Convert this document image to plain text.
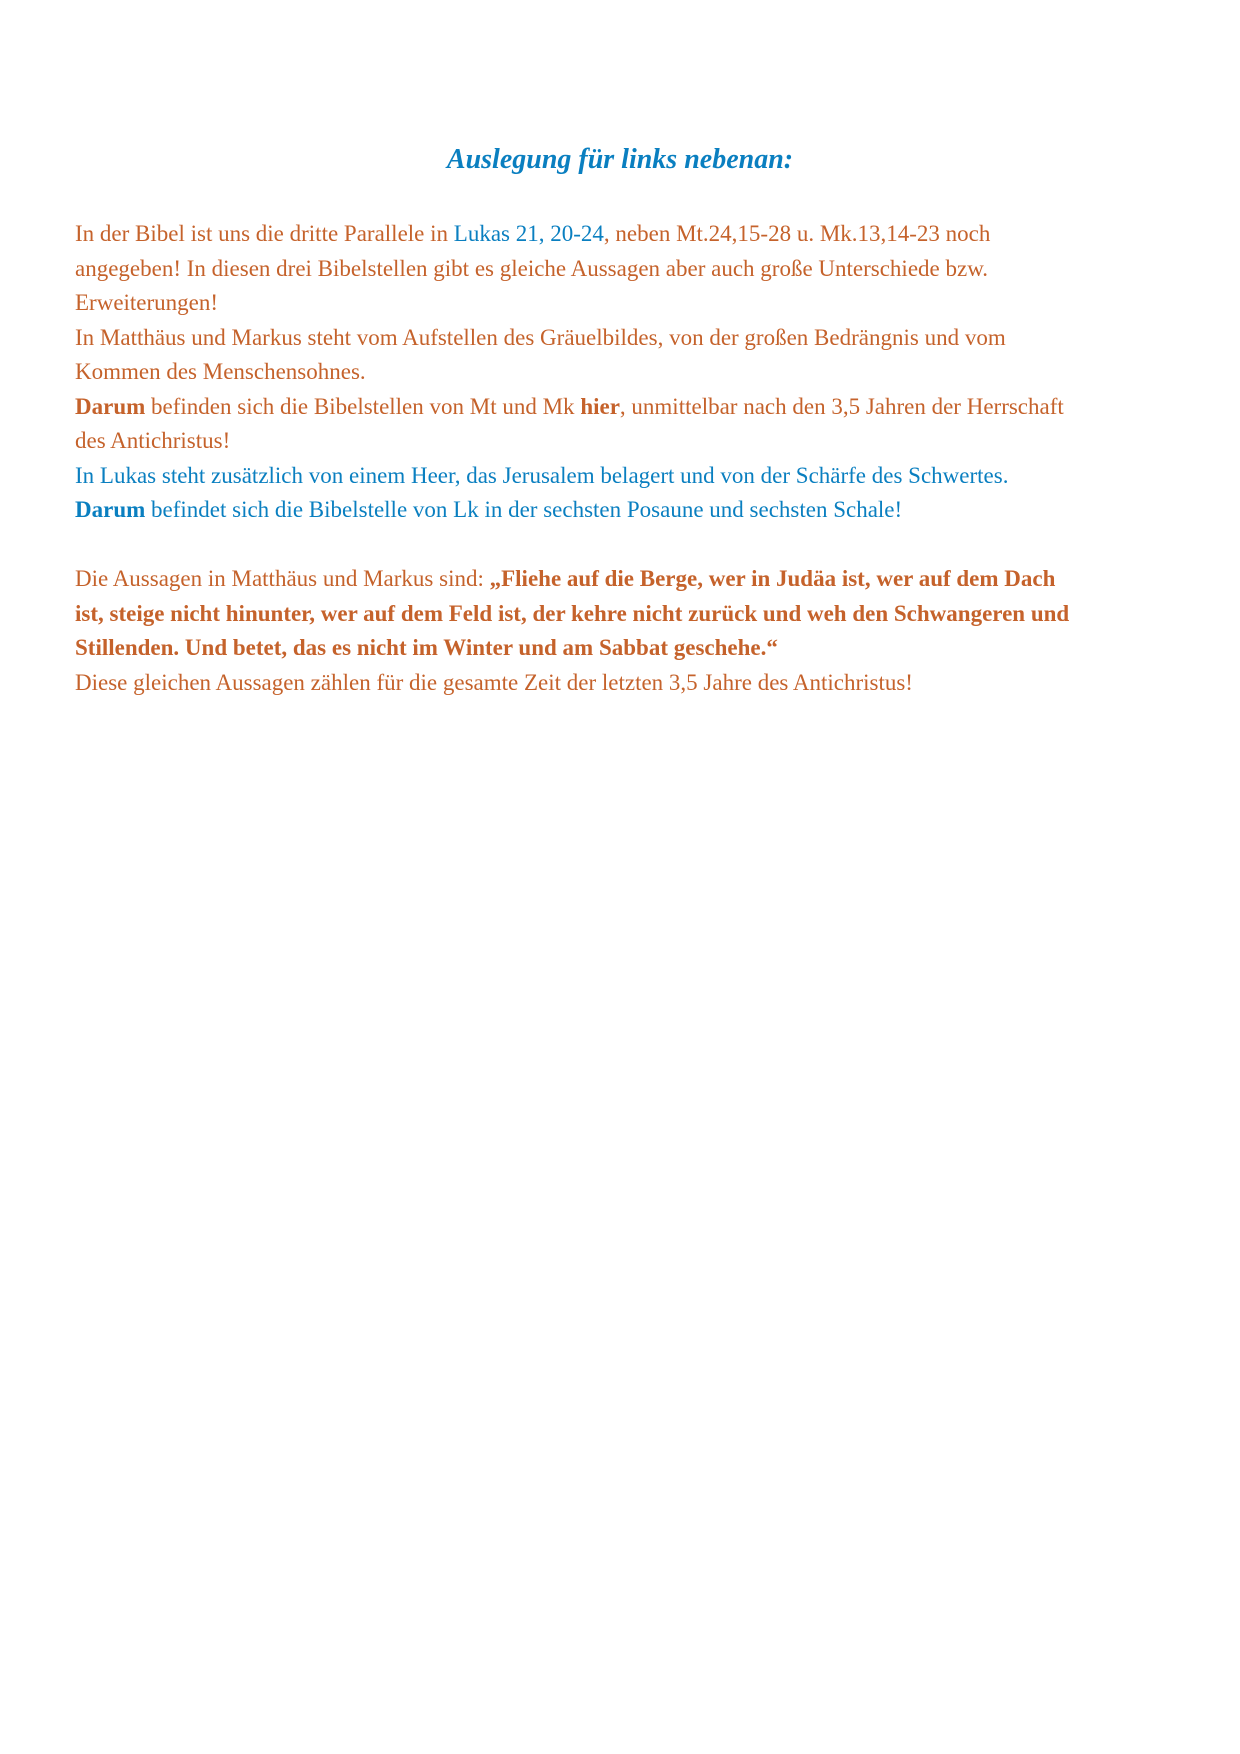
Auslegung für links nebenan:
In der Bibel ist uns die dritte Parallele in Lukas 21, 20-24, neben Mt.24,15-28 u. Mk.13,14-23 noch
angegeben! In diesen drei Bibelstellen gibt es gleiche Aussagen aber auch große Unterschiede bzw.
Erweiterungen!
In Matthäus und Markus steht vom Aufstellen des Gräuelbildes, von der großen Bedrängnis und vom
Kommen des Menschensohnes.
Darum befinden sich die Bibelstellen von Mt und Mk hier, unmittelbar nach den 3,5 Jahren der Herrschaft
des Antichristus!
In Lukas steht zusätzlich von einem Heer, das Jerusalem belagert und von der Schärfe des Schwertes.
Darum befindet sich die Bibelstelle von Lk in der sechsten Posaune und sechsten Schale!
Die Aussagen in Matthäus und Markus sind: „Fliehe auf die Berge, wer in Judäa ist, wer auf dem Dach
ist, steige nicht hinunter, wer auf dem Feld ist, der kehre nicht zurück und weh den Schwangeren und
Stillenden. Und betet, das es nicht im Winter und am Sabbat geschehe.“
Diese gleichen Aussagen zählen für die gesamte Zeit der letzten 3,5 Jahre des Antichristus!
